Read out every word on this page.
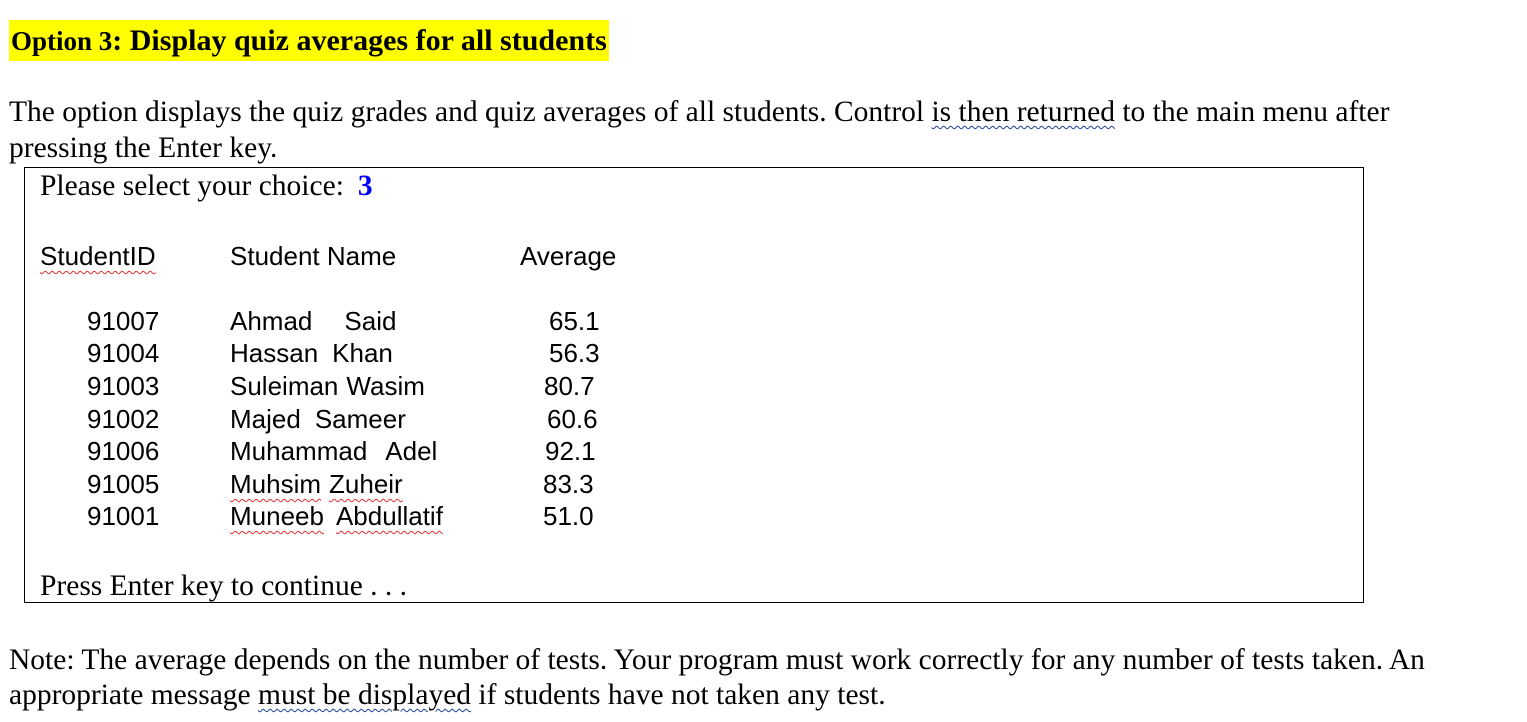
Option 3: Display quiz averages for all students
The option displays the quiz grades and quiz averages of all students. Control is then returned to the main menu after
pressing the Enter key.
Please select your choice: 3
StudentID	Student Name	Average
91007	Ahmad Said	65.1
91004	Hassan Khan	56.3
91003	Suleiman Wasim	80.7
91002	Majed Sameer	60.6
91006	Muhammad Adel	92.1
91005	Muhsim Zuheir	83.3
91001	Muneeb Abdullatif	51.0
Press Enter key to continue . . .
Note: The average depends on the number of tests. Your program must work correctly for any number of tests taken. An
appropriate message must be displayed if students have not taken any test.
